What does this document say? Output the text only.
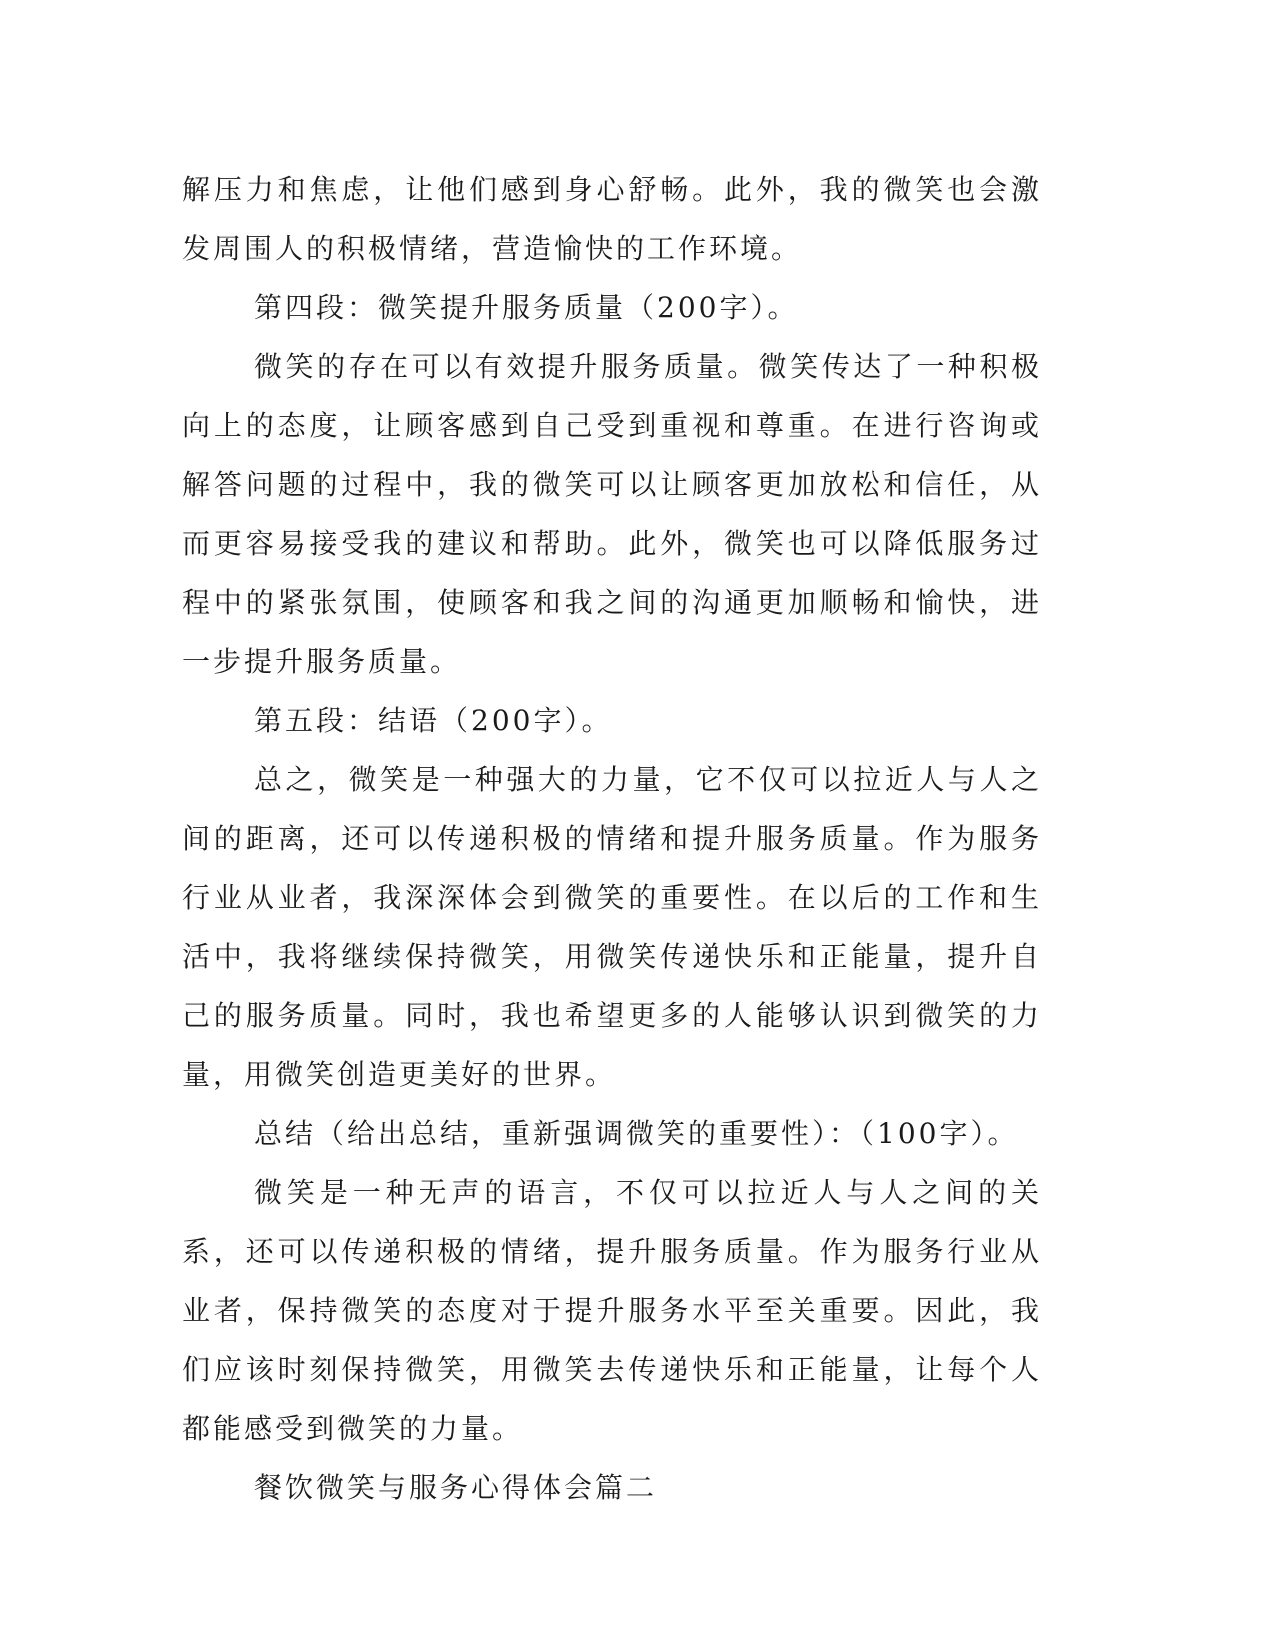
解压力和焦虑，让他们感到身心舒畅。此外，我的微笑也会激发周围人的积极情绪，营造愉快的工作环境。

第四段：微笑提升服务质量（200字）。

微笑的存在可以有效提升服务质量。微笑传达了一种积极向上的态度，让顾客感到自己受到重视和尊重。在进行咨询或解答问题的过程中，我的微笑可以让顾客更加放松和信任，从而更容易接受我的建议和帮助。此外，微笑也可以降低服务过程中的紧张氛围，使顾客和我之间的沟通更加顺畅和愉快，进一步提升服务质量。

第五段：结语（200字）。

总之，微笑是一种强大的力量，它不仅可以拉近人与人之间的距离，还可以传递积极的情绪和提升服务质量。作为服务行业从业者，我深深体会到微笑的重要性。在以后的工作和生活中，我将继续保持微笑，用微笑传递快乐和正能量，提升自己的服务质量。同时，我也希望更多的人能够认识到微笑的力量，用微笑创造更美好的世界。

总结（给出总结，重新强调微笑的重要性）：（100字）。

微笑是一种无声的语言，不仅可以拉近人与人之间的关系，还可以传递积极的情绪，提升服务质量。作为服务行业从业者，保持微笑的态度对于提升服务水平至关重要。因此，我们应该时刻保持微笑，用微笑去传递快乐和正能量，让每个人都能感受到微笑的力量。

餐饮微笑与服务心得体会篇二
